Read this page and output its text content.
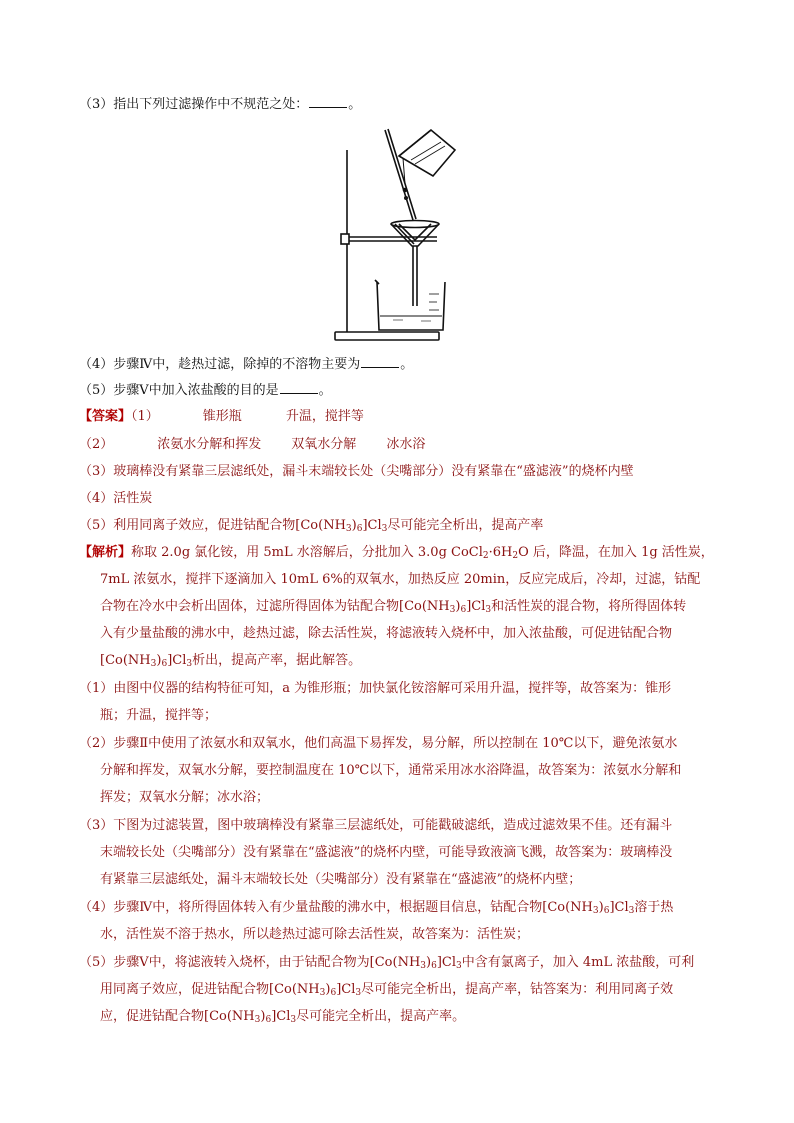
（3）指出下列过滤操作中不规范之处：	。
（4）步骤Ⅳ中，趁热过滤，除掉的不溶物主要为	。
（5）步骤Ⅴ中加入浓盐酸的目的是	。
【答案】（1）	锥形瓶	升温，搅拌等
（2）	浓氨水分解和挥发 双氧水分解 冰水浴
（3）玻璃棒没有紧靠三层滤纸处，漏斗末端较长处（尖嘴部分）没有紧靠在“盛滤液”的烧杯内壁
（4）活性炭
（5）利用同离子效应，促进钴配合物$[Co(NH_3)_6]Cl_3$尽可能完全析出，提高产率
【解析】称取 2.0g 氯化铵，用 5mL 水溶解后，分批加入 3.0g $CoCl_2\cdot 6H_2O$ 后，降温，在加入 1g 活性炭，
7mL 浓氨水，搅拌下逐滴加入 10mL 6%的双氧水，加热反应 20min，反应完成后，冷却，过滤，钴配
合物在冷水中会析出固体，过滤所得固体为钴配合物$[Co(NH_3)_6]Cl_3$和活性炭的混合物，将所得固体转
入有少量盐酸的沸水中，趁热过滤，除去活性炭，将滤液转入烧杯中，加入浓盐酸，可促进钴配合物
$[Co(NH_3)_6]Cl_3$析出，提高产率，据此解答。
（1）由图中仪器的结构特征可知，a 为锥形瓶；加快氯化铵溶解可采用升温，搅拌等，故答案为：锥形
瓶；升温，搅拌等；
（2）步骤Ⅱ中使用了浓氨水和双氧水，他们高温下易挥发，易分解，所以控制在 10℃以下，避免浓氨水
分解和挥发，双氧水分解，要控制温度在 10℃以下，通常采用冰水浴降温，故答案为：浓氨水分解和
挥发；双氧水分解；冰水浴；
（3）下图为过滤装置，图中玻璃棒没有紧靠三层滤纸处，可能戳破滤纸，造成过滤效果不佳。还有漏斗
末端较长处（尖嘴部分）没有紧靠在“盛滤液”的烧杯内壁，可能导致液滴飞溅，故答案为：玻璃棒没
有紧靠三层滤纸处，漏斗末端较长处（尖嘴部分）没有紧靠在“盛滤液”的烧杯内壁；
（4）步骤Ⅳ中，将所得固体转入有少量盐酸的沸水中，根据题目信息，钴配合物$[Co(NH_3)_6]Cl_3$溶于热
水，活性炭不溶于热水，所以趁热过滤可除去活性炭，故答案为：活性炭；
（5）步骤Ⅴ中，将滤液转入烧杯，由于钴配合物为$[Co(NH_3)_6]Cl_3$中含有氯离子，加入 4mL 浓盐酸，可利
用同离子效应，促进钴配合物$[Co(NH_3)_6]Cl_3$尽可能完全析出，提高产率，钴答案为：利用同离子效
应，促进钴配合物$[Co(NH_3)_6]Cl_3$尽可能完全析出，提高产率。
